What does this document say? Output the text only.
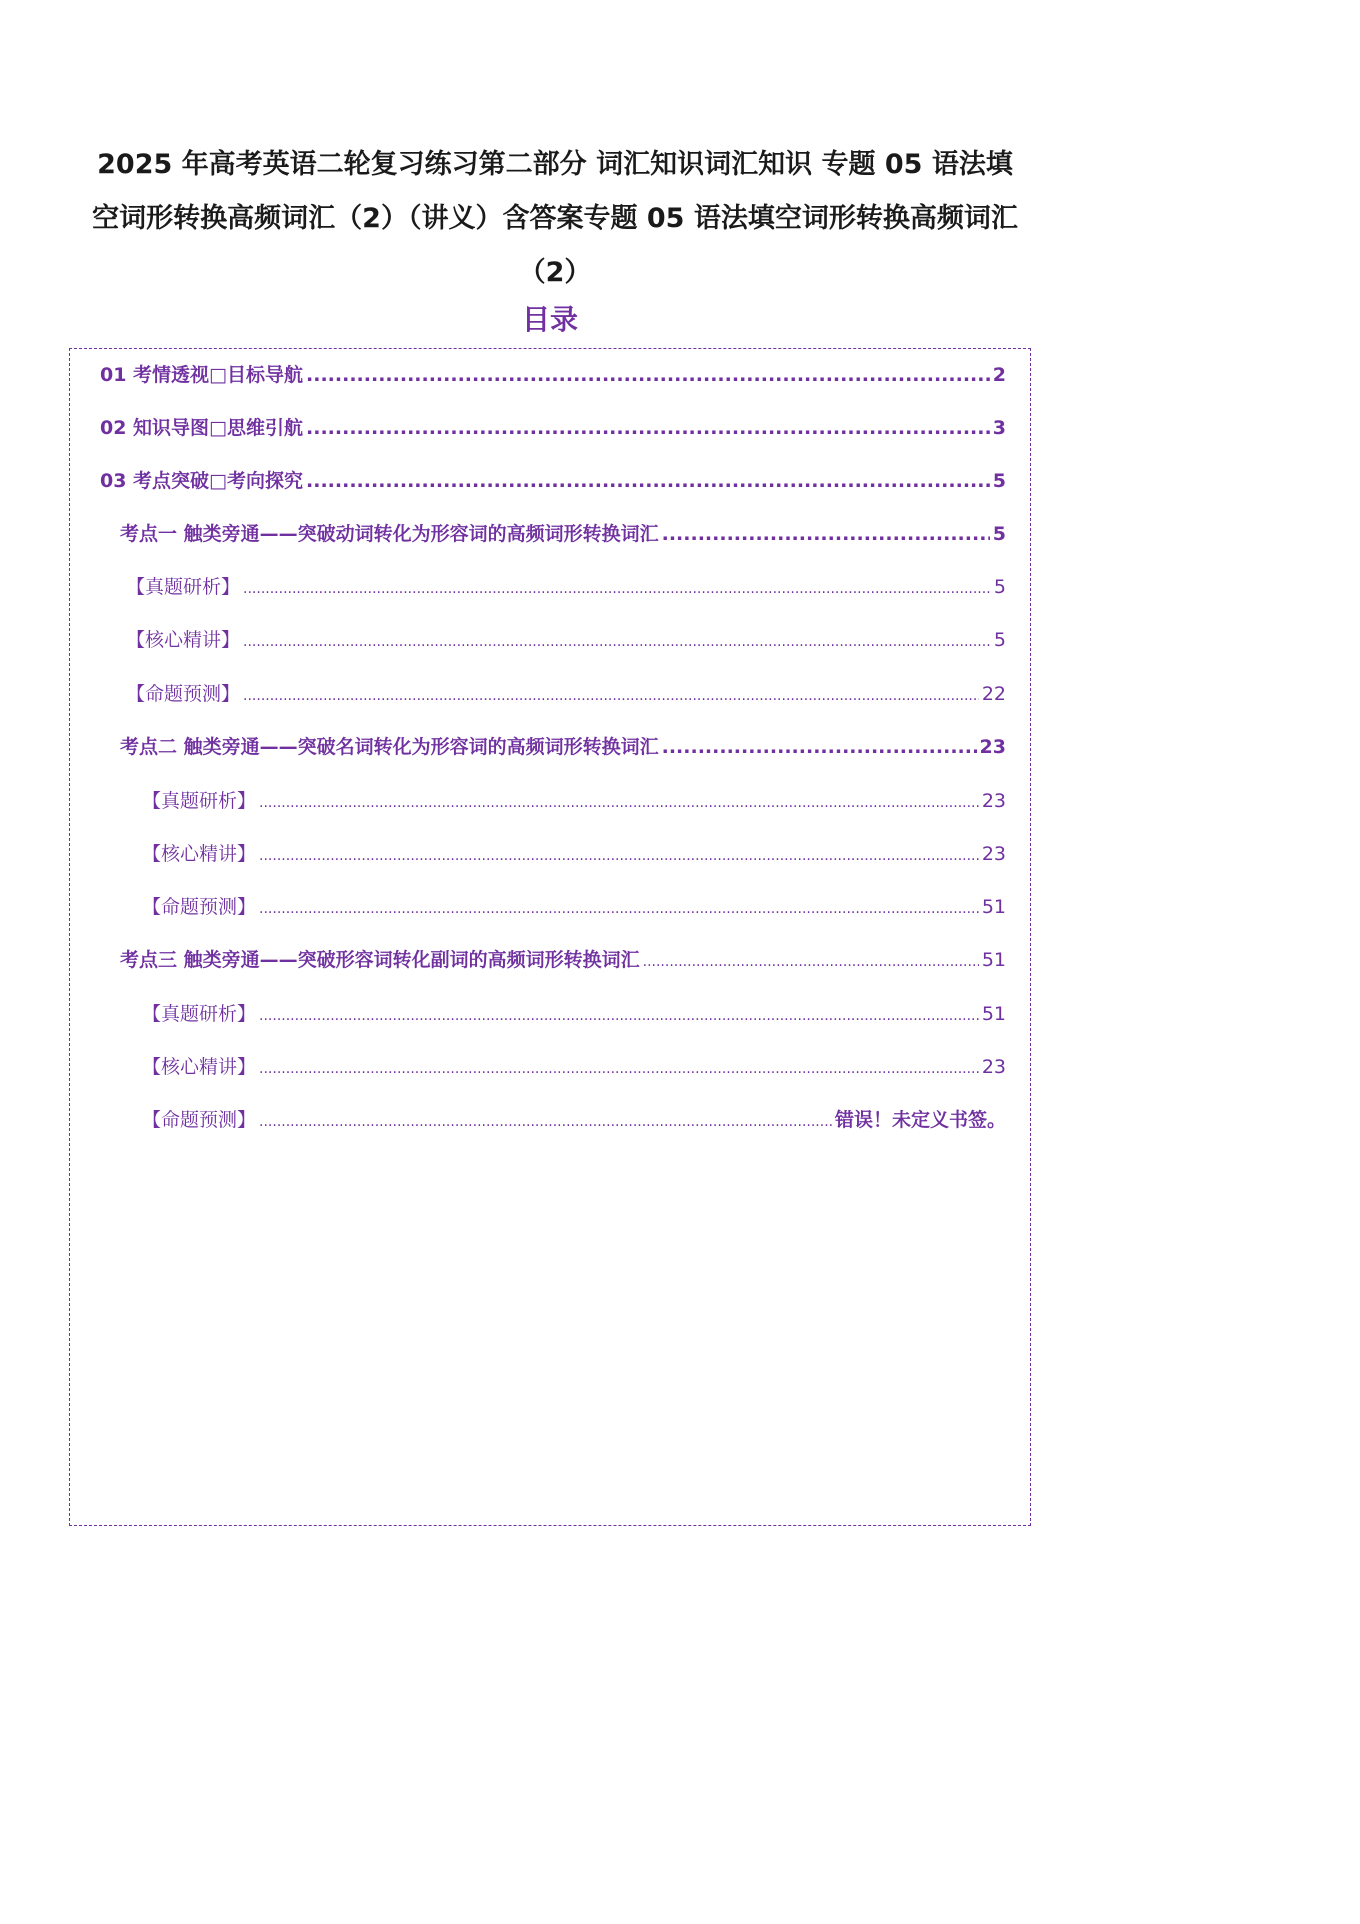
2025 年高考英语二轮复习练习第二部分 词汇知识词汇知识 专题 05 语法填空词形转换高频词汇（2）（讲义）含答案专题 05 语法填空词形转换高频词汇（2）
目录
01 考情透视□目标导航 .....	2
02 知识导图□思维引航 .....	3
03 考点突破□考向探究 .....	5
考点一 触类旁通——突破动词转化为形容词的高频词形转换词汇 .....	5
【真题研析】 .....	5
【核心精讲】 .....	5
【命题预测】 .....	22
考点二 触类旁通——突破名词转化为形容词的高频词形转换词汇 .....	23
【真题研析】 .....	23
【核心精讲】 .....	23
【命题预测】 .....	51
考点三 触类旁通——突破形容词转化副词的高频词形转换词汇 .....	51
【真题研析】 .....	51
【核心精讲】 .....	23
【命题预测】 .....	错误！未定义书签。
